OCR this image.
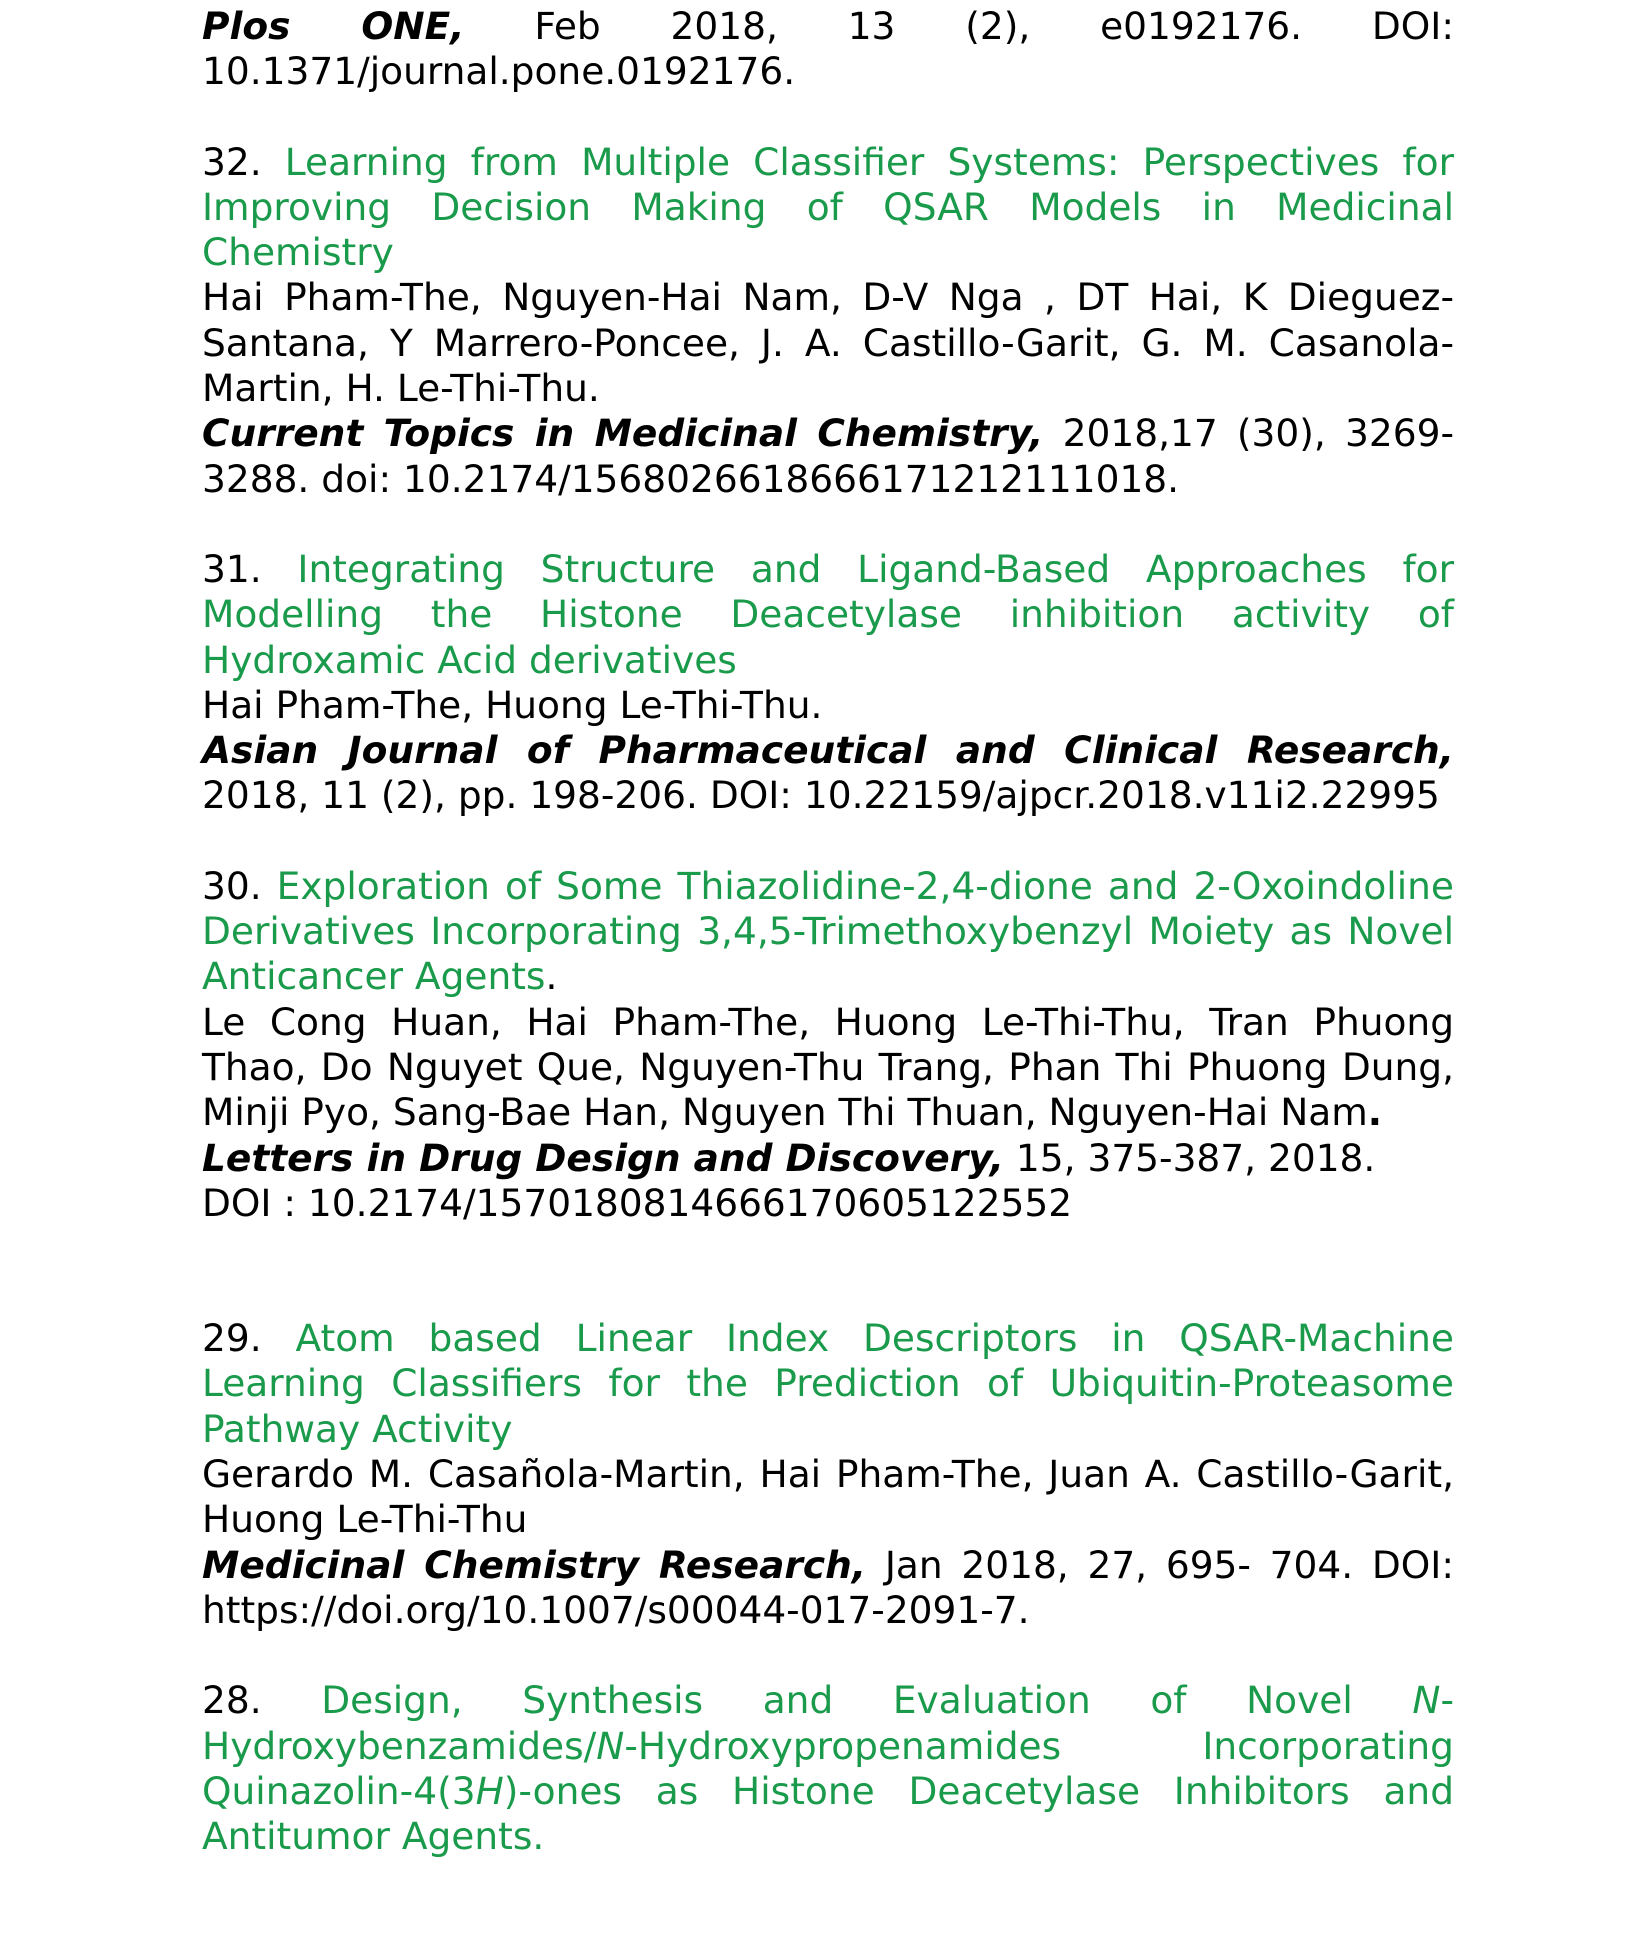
Plos ONE, Feb 2018, 13 (2), e0192176. DOI: 10.1371/journal.pone.0192176.

32. Learning from Multiple Classifier Systems: Perspectives for Improving Decision Making of QSAR Models in Medicinal Chemistry

Hai Pham-The, Nguyen-Hai Nam, D-V Nga , DT Hai, K Dieguez-Santana, Y Marrero-Poncee, J. A. Castillo-Garit, G. M. Casanola-Martin, H. Le-Thi-Thu.

Current Topics in Medicinal Chemistry, 2018,17 (30), 3269-3288. doi: 10.2174/1568026618666171212111018.

31. Integrating Structure and Ligand-Based Approaches for Modelling the Histone Deacetylase inhibition activity of Hydroxamic Acid derivatives

Hai Pham-The, Huong Le-Thi-Thu.

Asian Journal of Pharmaceutical and Clinical Research, 2018, 11 (2), pp. 198-206. DOI: 10.22159/ajpcr.2018.v11i2.22995

30. Exploration of Some Thiazolidine-2,4-dione and 2-Oxoindoline Derivatives Incorporating 3,4,5-Trimethoxybenzyl Moiety as Novel Anticancer Agents.

Le Cong Huan, Hai Pham-The, Huong Le-Thi-Thu, Tran Phuong Thao, Do Nguyet Que, Nguyen-Thu Trang, Phan Thi Phuong Dung, Minji Pyo, Sang-Bae Han, Nguyen Thi Thuan, Nguyen-Hai Nam.

Letters in Drug Design and Discovery, 15, 375-387, 2018.

DOI : 10.2174/1570180814666170605122552

29. Atom based Linear Index Descriptors in QSAR-Machine Learning Classifiers for the Prediction of Ubiquitin-Proteasome Pathway Activity

Gerardo M. Casañola-Martin, Hai Pham-The, Juan A. Castillo-Garit, Huong Le-Thi-Thu

Medicinal Chemistry Research, Jan 2018, 27, 695- 704. DOI: https://doi.org/10.1007/s00044-017-2091-7.

28. Design, Synthesis and Evaluation of Novel N-Hydroxybenzamides/N-Hydroxypropenamides Incorporating Quinazolin-4(3H)-ones as Histone Deacetylase Inhibitors and Antitumor Agents.
